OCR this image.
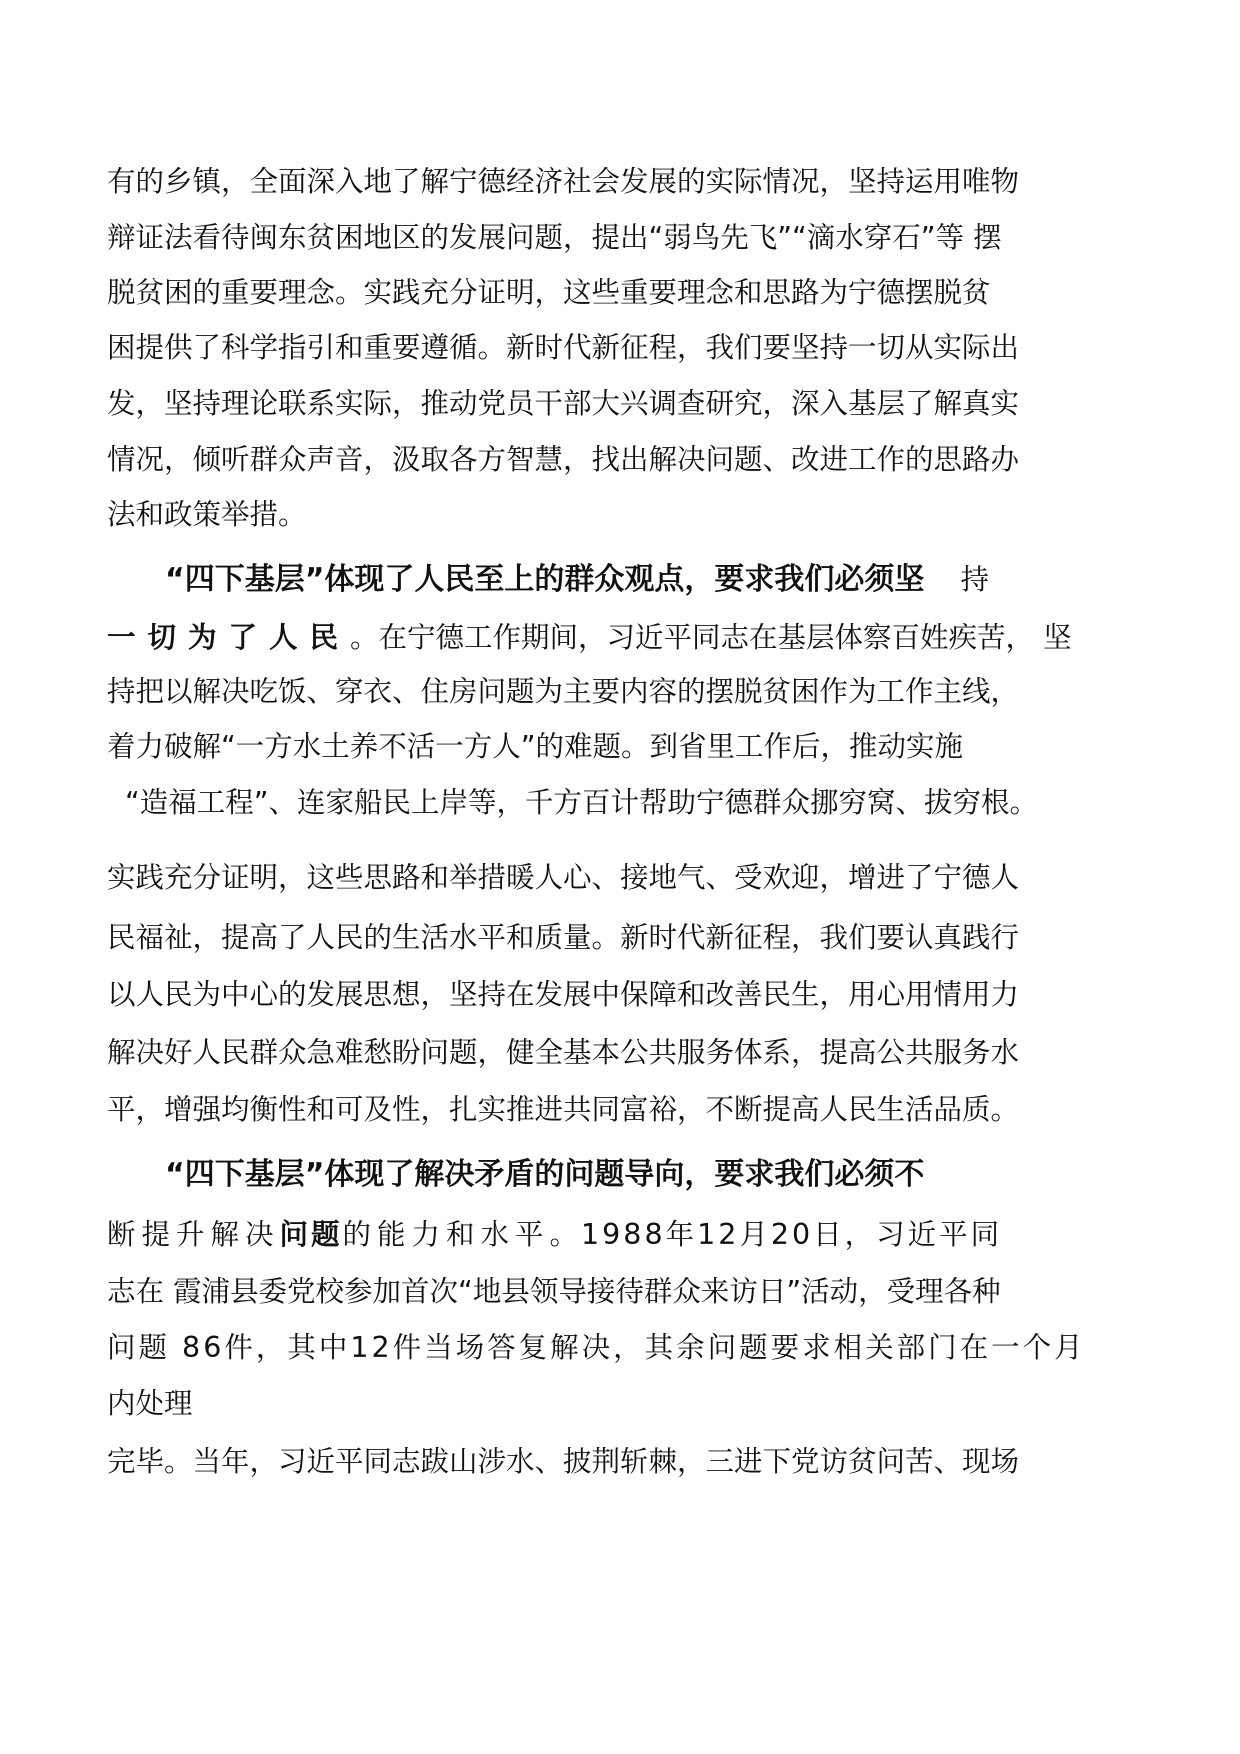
有的乡镇，全面深入地了解宁德经济社会发展的实际情况，坚持运用唯物
辩证法看待闽东贫困地区的发展问题，提出“弱鸟先飞”“滴水穿石”等 摆
脱贫困的重要理念。实践充分证明，这些重要理念和思路为宁德摆脱贫
困提供了科学指引和重要遵循。新时代新征程，我们要坚持一切从实际出
发，坚持理论联系实际，推动党员干部大兴调查研究，深入基层了解真实
情况，倾听群众声音，汲取各方智慧，找出解决问题、改进工作的思路办
法和政策举措。
“四下基层”体现了人民至上的群众观点，要求我们必须坚 持
一切为了人民。在宁德工作期间，习近平同志在基层体察百姓疾苦， 坚
持把以解决吃饭、穿衣、住房问题为主要内容的摆脱贫困作为工作主线，
着力破解“一方水土养不活一方人”的难题。到省里工作后，推动实施
“造福工程”、连家船民上岸等，千方百计帮助宁德群众挪穷窝、拔穷根。
实践充分证明，这些思路和举措暖人心、接地气、受欢迎，增进了宁德人
民福祉，提高了人民的生活水平和质量。新时代新征程，我们要认真践行
以人民为中心的发展思想，坚持在发展中保障和改善民生，用心用情用力
解决好人民群众急难愁盼问题，健全基本公共服务体系，提高公共服务水
平，增强均衡性和可及性，扎实推进共同富裕，不断提高人民生活品质。
“四下基层”体现了解决矛盾的问题导向，要求我们必须不
断提升解决问题的能力和水平。1988年12月20日，习近平同
志在 霞浦县委党校参加首次“地县领导接待群众来访日”活动，受理各种
问题 86件，其中12件当场答复解决，其余问题要求相关部门在一个月
内处理
完毕。当年，习近平同志跋山涉水、披荆斩棘，三进下党访贫问苦、现场
